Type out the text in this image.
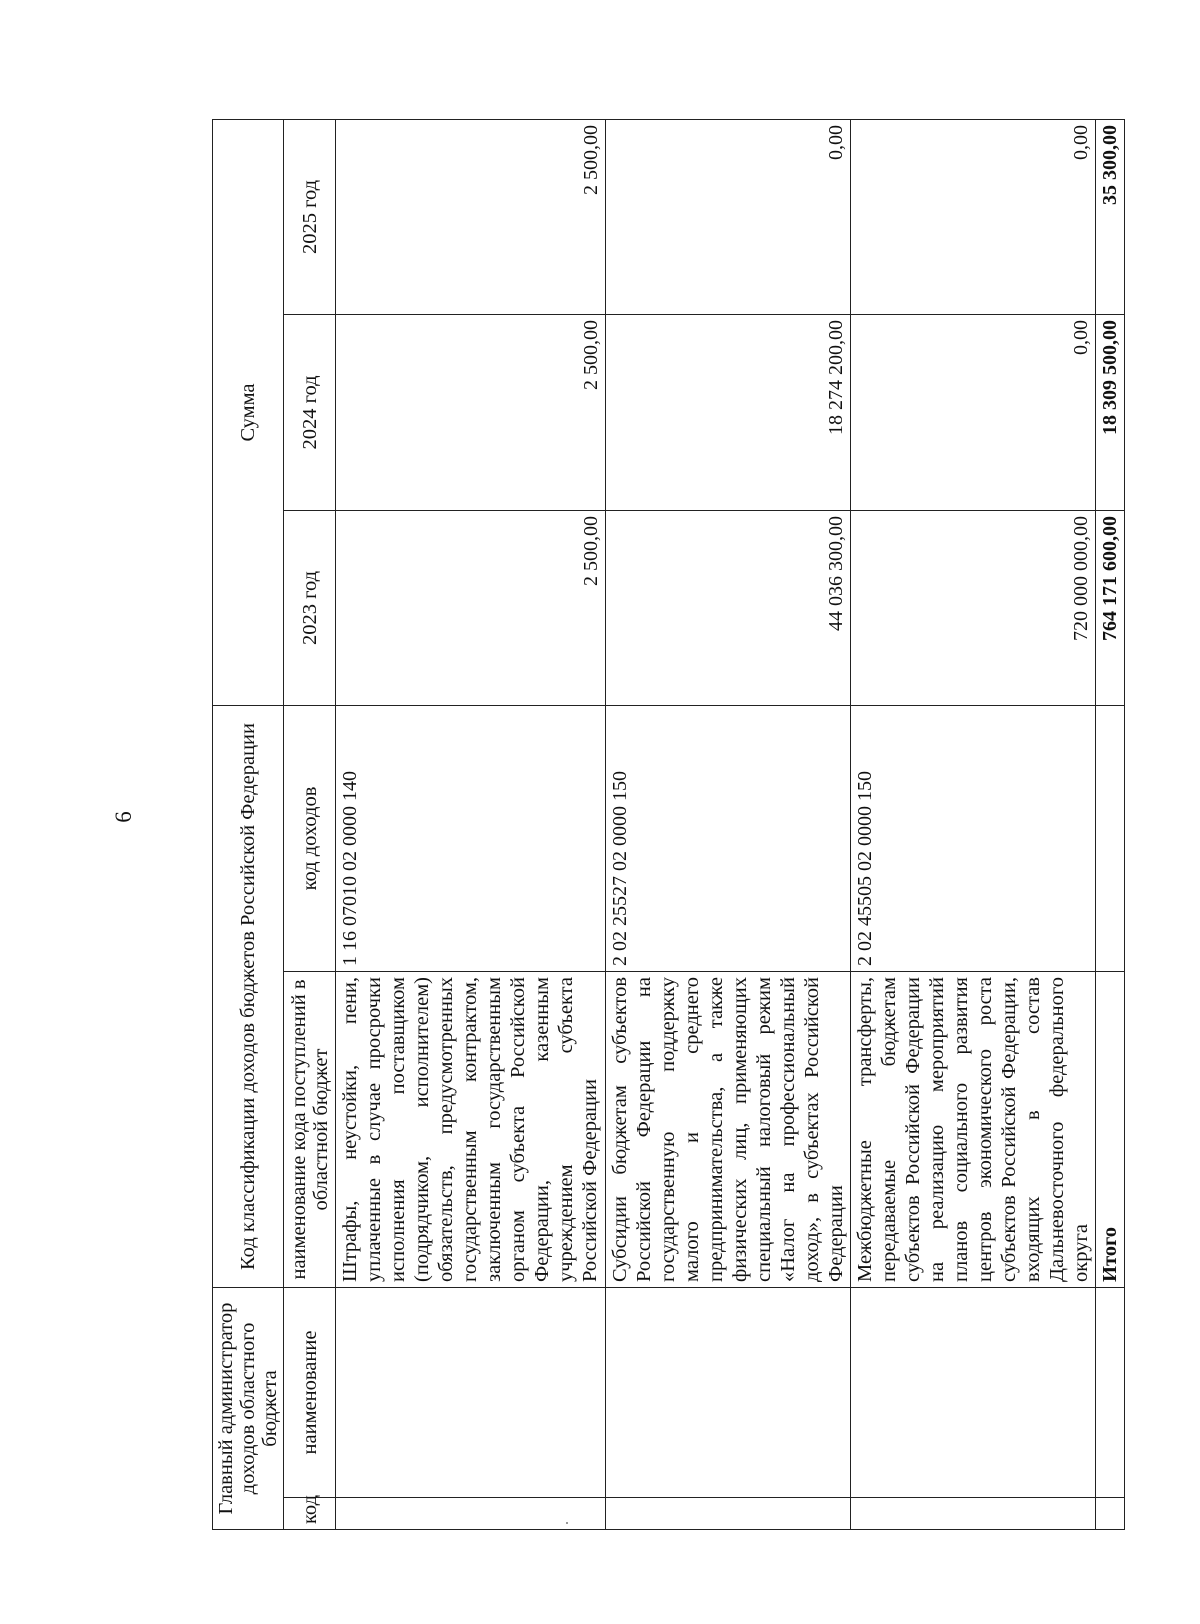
6
Главный администратор доходов областного бюджета		Код классификации доходов бюджетов Российской Федерации		Сумма		
код	наименование	наименование кода поступлений в областной бюджет	код доходов	2023 год	2024 год	2025 год
		Штрафы, неустойки, пени, уплаченные в случае просрочки исполнения поставщиком (подрядчиком, исполнителем) обязательств, предусмотренных государственным контрактом, заключенным государственным органом субъекта Российской Федерации, казенным учреждением субъекта Российской Федерации	1 16 07010 02 0000 140	2 500,00	2 500,00	2 500,00
		Субсидии бюджетам субъектов Российской Федерации на государственную поддержку малого и среднего предпринимательства, а также физических лиц, применяющих специальный налоговый режим «Налог на профессиональный доход», в субъектах Российской Федерации	2 02 25527 02 0000 150	44 036 300,00	18 274 200,00	0,00
		Межбюджетные трансферты, передаваемые бюджетам субъектов Российской Федерации на реализацию мероприятий планов социального развития центров экономического роста субъектов Российской Федерации, входящих в состав Дальневосточного федерального округа	2 02 45505 02 0000 150	720 000 000,00	0,00	0,00
		Итого		764 171 600,00	18 309 500,00	35 300,00
